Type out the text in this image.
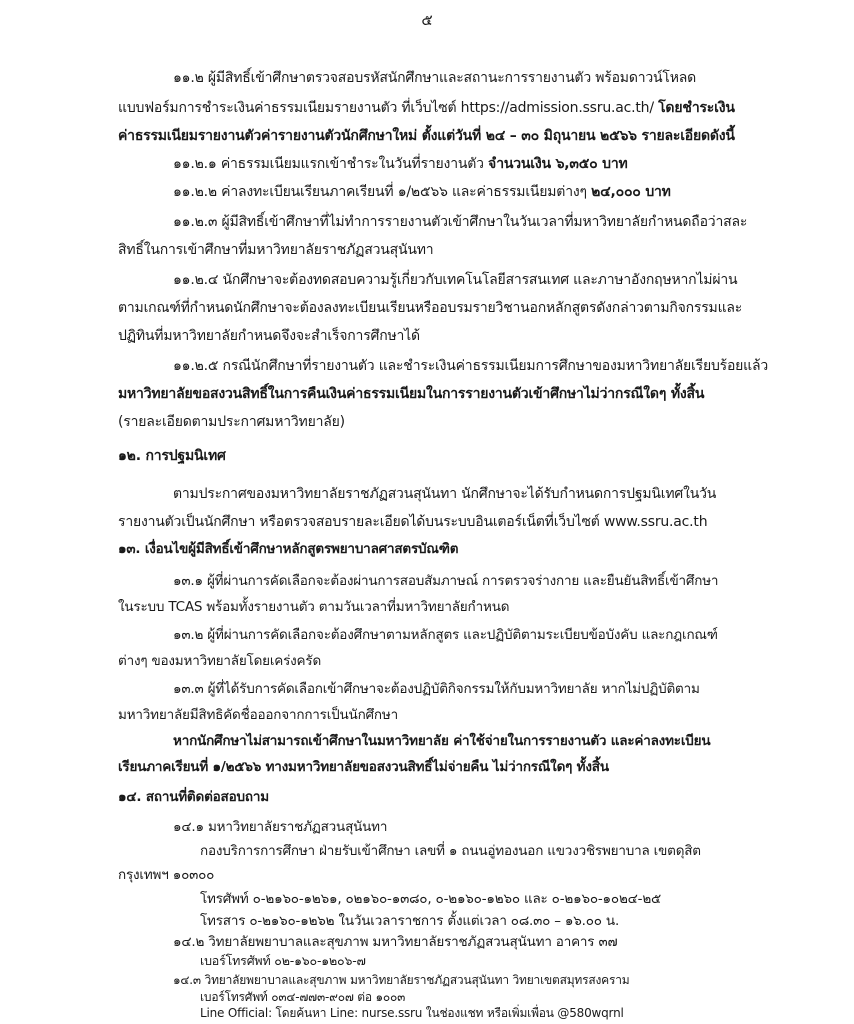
๕
๑๑.๒ ผู้มีสิทธิ์เข้าศึกษาตรวจสอบรหัสนักศึกษาและสถานะการรายงานตัว พร้อมดาวน์โหลด
แบบฟอร์มการชำระเงินค่าธรรมเนียมรายงานตัว ที่เว็บไซต์ https://admission.ssru.ac.th/ โดยชำระเงิน
ค่าธรรมเนียมรายงานตัวค่ารายงานตัวนักศึกษาใหม่ ตั้งแต่วันที่ ๒๔ – ๓๐ มิถุนายน ๒๕๖๖ รายละเอียดดังนี้
๑๑.๒.๑ ค่าธรรมเนียมแรกเข้าชำระในวันที่รายงานตัว จำนวนเงิน ๖,๓๕๐ บาท
๑๑.๒.๒ ค่าลงทะเบียนเรียนภาคเรียนที่ ๑/๒๕๖๖ และค่าธรรมเนียมต่างๆ ๒๔,๐๐๐ บาท
๑๑.๒.๓ ผู้มีสิทธิ์เข้าศึกษาที่ไม่ทำการรายงานตัวเข้าศึกษาในวันเวลาที่มหาวิทยาลัยกำหนดถือว่าสละ
สิทธิ์ในการเข้าศึกษาที่มหาวิทยาลัยราชภัฏสวนสุนันทา
๑๑.๒.๔ นักศึกษาจะต้องทดสอบความรู้เกี่ยวกับเทคโนโลยีสารสนเทศ และภาษาอังกฤษหากไม่ผ่าน
ตามเกณฑ์ที่กำหนดนักศึกษาจะต้องลงทะเบียนเรียนหรืออบรมรายวิชานอกหลักสูตรดังกล่าวตามกิจกรรมและ
ปฏิทินที่มหาวิทยาลัยกำหนดจึงจะสำเร็จการศึกษาได้
๑๑.๒.๕ กรณีนักศึกษาที่รายงานตัว และชำระเงินค่าธรรมเนียมการศึกษาของมหาวิทยาลัยเรียบร้อยแล้ว
มหาวิทยาลัยขอสงวนสิทธิ์ในการคืนเงินค่าธรรมเนียมในการรายงานตัวเข้าศึกษาไม่ว่ากรณีใดๆ ทั้งสิ้น
(รายละเอียดตามประกาศมหาวิทยาลัย)
๑๒. การปฐมนิเทศ
ตามประกาศของมหาวิทยาลัยราชภัฏสวนสุนันทา นักศึกษาจะได้รับกำหนดการปฐมนิเทศในวัน
รายงานตัวเป็นนักศึกษา หรือตรวจสอบรายละเอียดได้บนระบบอินเตอร์เน็ตที่เว็บไซต์ www.ssru.ac.th
๑๓. เงื่อนไขผู้มีสิทธิ์เข้าศึกษาหลักสูตรพยาบาลศาสตรบัณฑิต
๑๓.๑ ผู้ที่ผ่านการคัดเลือกจะต้องผ่านการสอบสัมภาษณ์ การตรวจร่างกาย และยืนยันสิทธิ์เข้าศึกษา
ในระบบ TCAS พร้อมทั้งรายงานตัว ตามวันเวลาที่มหาวิทยาลัยกำหนด
๑๓.๒ ผู้ที่ผ่านการคัดเลือกจะต้องศึกษาตามหลักสูตร และปฏิบัติตามระเบียบข้อบังคับ และกฎเกณฑ์
ต่างๆ ของมหาวิทยาลัยโดยเคร่งครัด
๑๓.๓ ผู้ที่ได้รับการคัดเลือกเข้าศึกษาจะต้องปฏิบัติกิจกรรมให้กับมหาวิทยาลัย หากไม่ปฏิบัติตาม
มหาวิทยาลัยมีสิทธิคัดชื่อออกจากการเป็นนักศึกษา
หากนักศึกษาไม่สามารถเข้าศึกษาในมหาวิทยาลัย ค่าใช้จ่ายในการรายงานตัว และค่าลงทะเบียน
เรียนภาคเรียนที่ ๑/๒๕๖๖ ทางมหาวิทยาลัยขอสงวนสิทธิ์ไม่จ่ายคืน ไม่ว่ากรณีใดๆ ทั้งสิ้น
๑๔. สถานที่ติดต่อสอบถาม
๑๔.๑ มหาวิทยาลัยราชภัฏสวนสุนันทา
กองบริการการศึกษา ฝ่ายรับเข้าศึกษา เลขที่ ๑ ถนนอู่ทองนอก แขวงวชิรพยาบาล เขตดุสิต
กรุงเทพฯ ๑๐๓๐๐
โทรศัพท์ ๐-๒๑๖๐-๑๒๖๑, ๐๒๑๖๐-๑๓๘๐, ๐-๒๑๖๐-๑๒๖๐ และ ๐-๒๑๖๐-๑๐๒๔-๒๕
โทรสาร ๐-๒๑๖๐-๑๒๖๒ ในวันเวลาราชการ ตั้งแต่เวลา ๐๘.๓๐ – ๑๖.๐๐ น.
๑๔.๒ วิทยาลัยพยาบาลและสุขภาพ มหาวิทยาลัยราชภัฏสวนสุนันทา อาคาร ๓๗
เบอร์โทรศัพท์ ๐๒-๑๖๐-๑๒๐๖-๗
๑๔.๓ วิทยาลัยพยาบาลและสุขภาพ มหาวิทยาลัยราชภัฏสวนสุนันทา วิทยาเขตสมุทรสงคราม
เบอร์โทรศัพท์ ๐๓๔-๗๗๓-๙๐๗ ต่อ ๑๐๐๓
Line Official: โดยค้นหา Line: nurse.ssru ในช่องแชท หรือเพิ่มเพื่อน @580wqrnl
